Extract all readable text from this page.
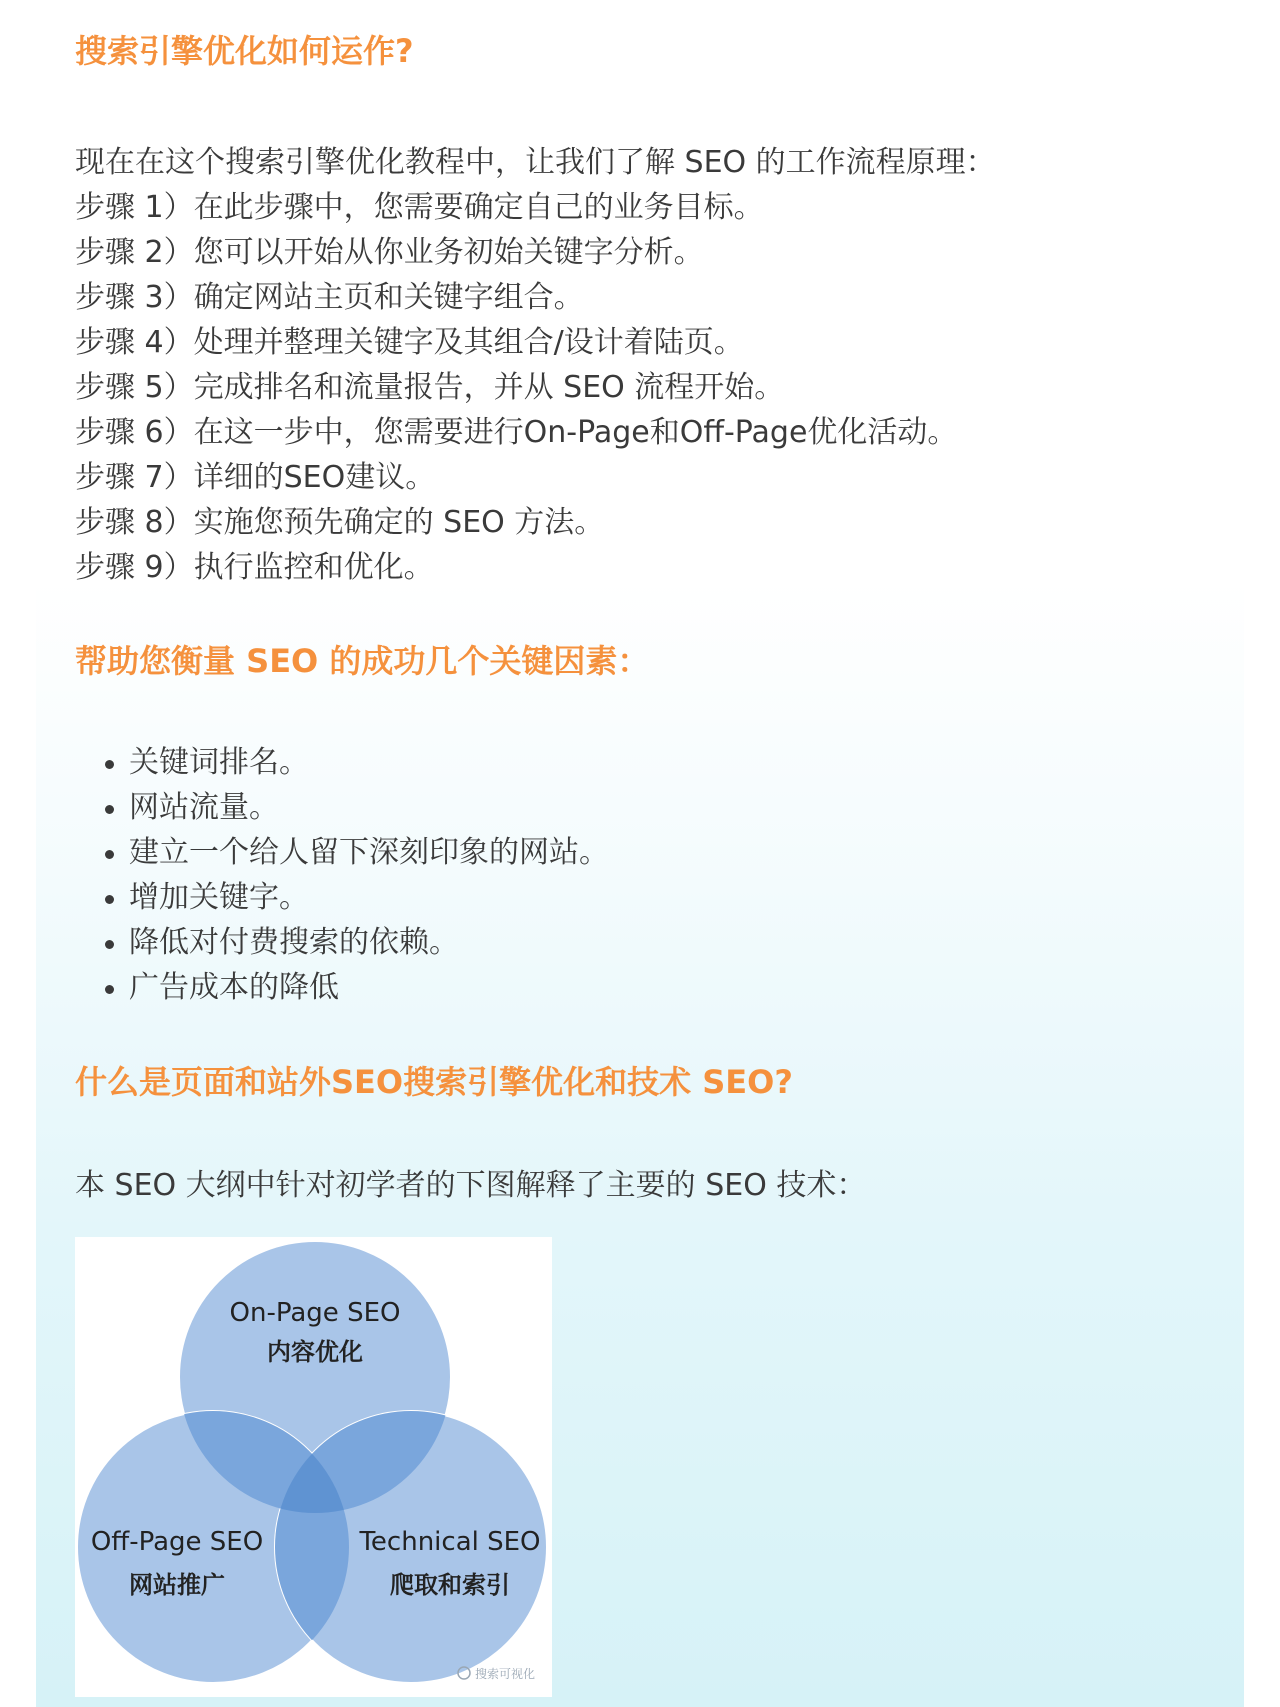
搜索引擎优化如何运作?

现在在这个搜索引擎优化教程中，让我们了解 SEO 的工作流程原理：

步骤 1）在此步骤中，您需要确定自己的业务目标。
步骤 2）您可以开始从你业务初始关键字分析。
步骤 3）确定网站主页和关键字组合。
步骤 4）处理并整理关键字及其组合/设计着陆页。
步骤 5）完成排名和流量报告，并从 SEO 流程开始。
步骤 6）在这一步中，您需要进行On-Page和Off-Page优化活动。
步骤 7）详细的SEO建议。
步骤 8）实施您预先确定的 SEO 方法。
步骤 9）执行监控和优化。
帮助您衡量 SEO 的成功几个关键因素：
关键词排名。
网站流量。
建立一个给人留下深刻印象的网站。
增加关键字。
降低对付费搜索的依赖。
广告成本的降低
什么是页面和站外SEO搜索引擎优化和技术 SEO?

本 SEO 大纲中针对初学者的下图解释了主要的 SEO 技术：

On-Page SEO
内容优化
Off-Page SEO
网站推广
Technical SEO
爬取和索引
搜索可视化
